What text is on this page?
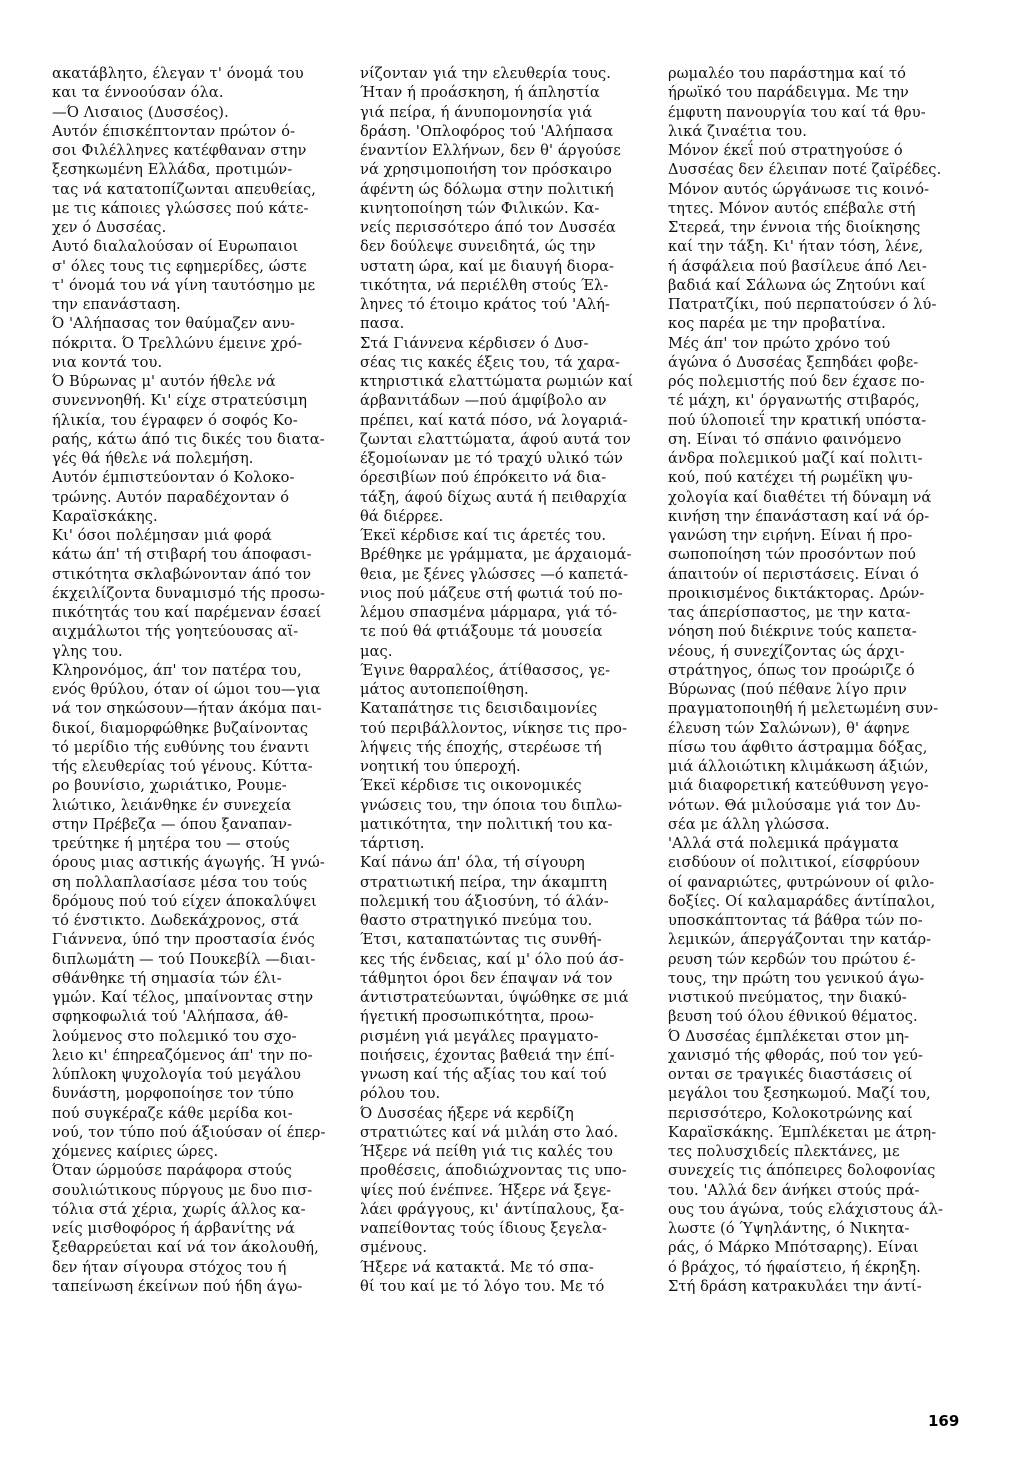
ακατάβλητο, έλεγαν τ' όνομά του
και τα έννοούσαν όλα.
—Ό Λισαιος (Δυσσέος).
Αυτόν έπισκέπτονταν πρώτον ό-
σοι Φιλέλληνες κατέφθαναν στην
ξεσηκωμένη Ελλάδα, προτιμών-
τας νά κατατοπίζωνται απευθείας,
με τις κάποιες γλώσσες πού κάτε-
χεν ό Δυσσέας.
Αυτό διαλαλούσαν οί Ευρωπαιοι
σ' όλες τους τις εφημερίδες, ώστε
τ' όνομά του νά γίνη ταυτόσημο με
την επανάσταση.
Ό 'Αλήπασας τον θαύμαζεν ανυ-
πόκριτα. Ό Τρελλώνυ έμεινε χρό-
νια κοντά του.
Ό Βύρωνας μ' αυτόν ήθελε νά
συνεννοηθή. Κι' είχε στρατεύσιμη
ήλικία, του έγραφεν ό σοφός Κο-
ραής, κάτω άπό τις δικές του διατα-
γές θά ήθελε νά πολεμήση.
Αυτόν έμπιστεύονταν ό Κολοκο-
τρώνης. Αυτόν παραδέχονταν ό
Καραϊσκάκης.
Κι' όσοι πολέμησαν μιά φορά
κάτω άπ' τή στιβαρή του άποφασι-
στικότητα σκλαβώνονταν άπό τον
έκχειλίζοντα δυναμισμό τής προσω-
πικότητάς του καί παρέμεναν έσαεί
αιχμάλωτοι τής γοητεύουσας αϊ-
γλης του.
Κληρονόμος, άπ' τον πατέρα του,
ενός θρύλου, όταν οί ώμοι του—για
νά τον σηκώσουν—ήταν άκόμα παι-
δικοί, διαμορφώθηκε βυζαίνοντας
τό μερίδιο τής ευθύνης του έναντι
τής ελευθερίας τού γένους. Κύττα-
ρο βουνίσιο, χωριάτικο, Ρουμε-
λιώτικο, λειάνθηκε έν συνεχεία
στην Πρέβεζα — όπου ξαναπαν-
τρεύτηκε ή μητέρα του — στούς
όρους μιας αστικής άγωγής. Ή γνώ-
ση πολλαπλασίασε μέσα του τούς
δρόμους πού τού είχεν άποκαλύψει
τό ένστικτο. Δωδεκάχρονος, στά
Γιάννενα, ύπό την προστασία ένός
διπλωμάτη — τού Πουκεβίλ —διαι-
σθάνθηκε τή σημασία τών έλι-
γμών. Καί τέλος, μπαίνοντας στην
σφηκοφωλιά τού 'Αλήπασα, άθ-
λούμενος στο πολεμικό του σχο-
λειο κι' έπηρεαζόμενος άπ' την πο-
λύπλοκη ψυχολογία τού μεγάλου
δυνάστη, μορφοποίησε τον τύπο
πού συγκέραζε κάθε μερίδα κοι-
νού, τον τύπο πού άξιούσαν οί έπερ-
χόμενες καίριες ώρες.
Όταν ώρμούσε παράφορα στούς
σουλιώτικους πύργους με δυο πισ-
τόλια στά χέρια, χωρίς άλλος κα-
νείς μισθοφόρος ή άρβανίτης νά
ξεθαρρεύεται καί νά τον άκολουθή,
δεν ήταν σίγουρα στόχος του ή
ταπείνωση έκείνων πού ήδη άγω-
νίζονταν γιά την ελευθερία τους.
Ήταν ή προάσκηση, ή άπληστία
γιά πείρα, ή άνυπομονησία γιά
δράση. 'Οπλοφόρος τού 'Αλήπασα
έναντίον Ελλήνων, δεν θ' άργούσε
νά χρησιμοποιήση τον πρόσκαιρο
άφέντη ώς δόλωμα στην πολιτική
κινητοποίηση τών Φιλικών. Κα-
νείς περισσότερο άπό τον Δυσσέα
δεν δούλεψε συνειδητά, ώς την
υστατη ώρα, καί με διαυγή διορα-
τικότητα, νά περιέλθη στούς Έλ-
ληνες τό έτοιμο κράτος τού 'Αλή-
πασα.
Στά Γιάννενα κέρδισεν ό Δυσ-
σέας τις κακές έξεις του, τά χαρα-
κτηριστικά ελαττώματα ρωμιών καί
άρβανιτάδων —πού άμφίβολο αν
πρέπει, καί κατά πόσο, νά λογαριά-
ζωνται ελαττώματα, άφού αυτά τον
έξομοίωναν με τό τραχύ υλικό τών
όρεσιβίων πού έπρόκειτο νά δια-
τάξη, άφού δίχως αυτά ή πειθαρχία
θά διέρρεε.
Έκεϊ κέρδισε καί τις άρετές του.
Βρέθηκε με γράμματα, με άρχαιομά-
θεια, με ξένες γλώσσες —ό καπετά-
νιος πού μάζευε στή φωτιά τού πο-
λέμου σπασμένα μάρμαρα, γιά τό-
τε πού θά φτιάξουμε τά μουσεία
μας.
Έγινε θαρραλέος, άτίθασσος, γε-
μάτος αυτοπεποίθηση.
Καταπάτησε τις δεισιδαιμονίες
τού περιβάλλοντος, νίκησε τις προ-
λήψεις τής έποχής, στερέωσε τή
νοητική του ύπεροχή.
Έκεϊ κέρδισε τις οικονομικές
γνώσεις του, την όποια του διπλω-
ματικότητα, την πολιτική του κα-
τάρτιση.
Καί πάνω άπ' όλα, τή σίγουρη
στρατιωτική πείρα, την άκαμπτη
πολεμική του άξιοσύνη, τό άλάν-
θαστο στρατηγικό πνεύμα του.
Έτσι, καταπατώντας τις συνθή-
κες τής ένδειας, καί μ' όλο πού άσ-
τάθμητοι όροι δεν έπαψαν νά τον
άντιστρατεύωνται, ύψώθηκε σε μιά
ήγετική προσωπικότητα, προω-
ρισμένη γιά μεγάλες πραγματο-
ποιήσεις, έχοντας βαθειά την έπί-
γνωση καί τής αξίας του καί τού
ρόλου του.
Ό Δυσσέας ήξερε νά κερδίζη
στρατιώτες καί νά μιλάη στο λαό.
Ήξερε νά πείθη γιά τις καλές του
προθέσεις, άποδιώχνοντας τις υπο-
ψίες πού ένέπνεε. Ήξερε νά ξεγε-
λάει φράγγους, κι' άντίπαλους, ξα-
ναπείθοντας τούς ίδιους ξεγελα-
σμένους.
Ήξερε νά κατακτά. Με τό σπα-
θί του καί με τό λόγο του. Με τό
ρωμαλέο του παράστημα καί τό
ήρωϊκό του παράδειγμα. Με την
έμφυτη πανουργία του καί τά θρυ-
λικά ζιναέτια του.
Μόνον έκεΐ πού στρατηγούσε ό
Δυσσέας δεν έλειπαν ποτέ ζαϊρέδες.
Μόνον αυτός ώργάνωσε τις κοινό-
τητες. Μόνον αυτός επέβαλε στή
Στερεά, την έννοια τής διοίκησης
καί την τάξη. Κι' ήταν τόση, λένε,
ή άσφάλεια πού βασίλευε άπό Λει-
βαδιά καί Σάλωνα ώς Ζητούνι καί
Πατρατζίκι, πού περπατούσεν ό λύ-
κος παρέα με την προβατίνα.
Μές άπ' τον πρώτο χρόνο τού
άγώνα ό Δυσσέας ξεπηδάει φοβε-
ρός πολεμιστής πού δεν έχασε πο-
τέ μάχη, κι' όργανωτής στιβαρός,
πού ύλοποιεΐ την κρατική υπόστα-
ση. Είναι τό σπάνιο φαινόμενο
άνδρα πολεμικού μαζί καί πολιτι-
κού, πού κατέχει τή ρωμέϊκη ψυ-
χολογία καί διαθέτει τή δύναμη νά
κινήση την έπανάσταση καί νά όρ-
γανώση την ειρήνη. Είναι ή προ-
σωποποίηση τών προσόντων πού
άπαιτούν οί περιστάσεις. Είναι ό
προικισμένος δικτάκτορας. Δρών-
τας άπερίσπαστος, με την κατα-
νόηση πού διέκρινε τούς καπετα-
νέους, ή συνεχίζοντας ώς άρχι-
στράτηγος, όπως τον προώριζε ό
Βύρωνας (πού πέθανε λίγο πριν
πραγματοποιηθή ή μελετωμένη συν-
έλευση τών Σαλώνων), θ' άφηνε
πίσω του άφθιτο άστραμμα δόξας,
μιά άλλοιώτικη κλιμάκωση άξιών,
μιά διαφορετική κατεύθυνση γεγο-
νότων. Θά μιλούσαμε γιά τον Δυ-
σέα με άλλη γλώσσα.
'Αλλά στά πολεμικά πράγματα
εισδύουν οί πολιτικοί, είσφρύουν
οί φαναριώτες, φυτρώνουν οί φιλο-
δοξίες. Οί καλαμαράδες άντίπαλοι,
υποσκάπτοντας τά βάθρα τών πο-
λεμικών, άπεργάζονται την κατάρ-
ρευση τών κερδών του πρώτου έ-
τους, την πρώτη του γενικού άγω-
νιστικού πνεύματος, την διακύ-
βευση τού όλου έθνικού θέματος.
Ό Δυσσέας έμπλέκεται στον μη-
χανισμό τής φθοράς, πού τον γεύ-
ονται σε τραγικές διαστάσεις οί
μεγάλοι του ξεσηκωμού. Μαζί του,
περισσότερο, Κολοκοτρώνης καί
Καραϊσκάκης. Έμπλέκεται με άτρη-
τες πολυσχιδείς πλεκτάνες, με
συνεχείς τις άπόπειρες δολοφονίας
του. 'Αλλά δεν άνήκει στούς πρά-
ους του άγώνα, τούς ελάχιστους άλ-
λωστε (ό Ύψηλάντης, ό Νικητα-
ράς, ό Μάρκο Μπότσαρης). Είναι
ό βράχος, τό ήφαίστειο, ή έκρηξη.
Στή δράση κατρακυλάει την άντί-
169
